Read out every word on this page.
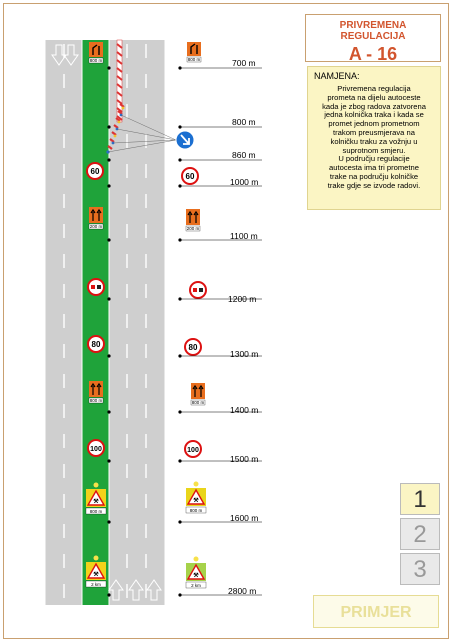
800 m
60
200 m
80
800 m
100
⚒
800 m
⚒
2 km
800 m
60
200 m
80
800 m
100
⚒
800 m
⚒
2 km
700 m
800 m
860 m
1000 m
1100 m
1200 m
1300 m
1400 m
1500 m
1600 m
2800 m
PRIVREMENA REGULACIJA
A - 16
NAMJENA:
Privremena regulacija
prometa na dijelu autoceste
kada je zbog radova zatvorena
jedna kolnička traka i kada se
promet jednom prometnom
trakom preusmjerava na
kolničku traku za vožnju u
suprotnom smjeru.
U području regulacije
autocesta ima tri prometne
trake na području kolničke
trake gdje se izvode radovi.
1
2
3
PRIMJER
